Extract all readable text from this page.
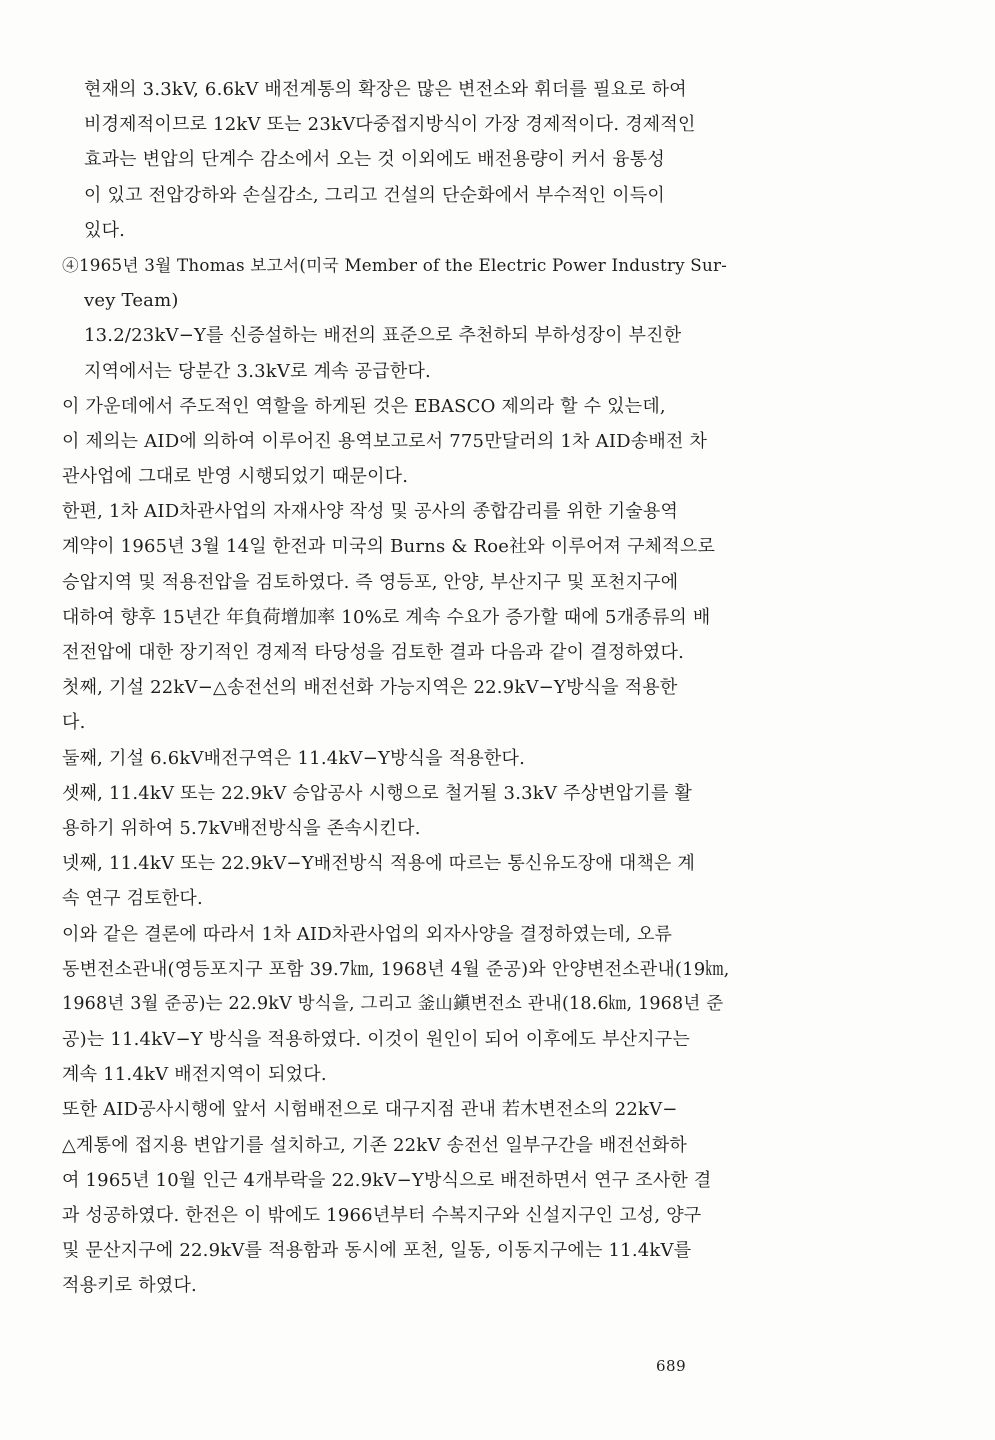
현재의 3.3kV, 6.6kV 배전계통의 확장은 많은 변전소와 휘더를 필요로 하여
비경제적이므로 12kV 또는 23kV다중접지방식이 가장 경제적이다. 경제적인
효과는 변압의 단계수 감소에서 오는 것 이외에도 배전용량이 커서 융통성
이 있고 전압강하와 손실감소, 그리고 건설의 단순화에서 부수적인 이득이
있다.
④1965년 3월 Thomas 보고서(미국 Member of the Electric Power Industry Sur-
vey Team)
13.2/23kV−Y를 신증설하는 배전의 표준으로 추천하되 부하성장이 부진한
지역에서는 당분간 3.3kV로 계속 공급한다.
이 가운데에서 주도적인 역할을 하게된 것은 EBASCO 제의라 할 수 있는데,
이 제의는 AID에 의하여 이루어진 용역보고로서 775만달러의 1차 AID송배전 차
관사업에 그대로 반영 시행되었기 때문이다.
한편, 1차 AID차관사업의 자재사양 작성 및 공사의 종합감리를 위한 기술용역
계약이 1965년 3월 14일 한전과 미국의 Burns & Roe社와 이루어져 구체적으로
승압지역 및 적용전압을 검토하였다. 즉 영등포, 안양, 부산지구 및 포천지구에
대하여 향후 15년간 年負荷增加率 10%로 계속 수요가 증가할 때에 5개종류의 배
전전압에 대한 장기적인 경제적 타당성을 검토한 결과 다음과 같이 결정하였다.
첫째, 기설 22kV−△송전선의 배전선화 가능지역은 22.9kV−Y방식을 적용한
다.
둘째, 기설 6.6kV배전구역은 11.4kV−Y방식을 적용한다.
셋째, 11.4kV 또는 22.9kV 승압공사 시행으로 철거될 3.3kV 주상변압기를 활
용하기 위하여 5.7kV배전방식을 존속시킨다.
넷째, 11.4kV 또는 22.9kV−Y배전방식 적용에 따르는 통신유도장애 대책은 계
속 연구 검토한다.
이와 같은 결론에 따라서 1차 AID차관사업의 외자사양을 결정하였는데, 오류
동변전소관내(영등포지구 포함 39.7㎞, 1968년 4월 준공)와 안양변전소관내(19㎞,
1968년 3월 준공)는 22.9kV 방식을, 그리고 釜山鎭변전소 관내(18.6㎞, 1968년 준
공)는 11.4kV−Y 방식을 적용하였다. 이것이 원인이 되어 이후에도 부산지구는
계속 11.4kV 배전지역이 되었다.
또한 AID공사시행에 앞서 시험배전으로 대구지점 관내 若木변전소의 22kV−
△계통에 접지용 변압기를 설치하고, 기존 22kV 송전선 일부구간을 배전선화하
여 1965년 10월 인근 4개부락을 22.9kV−Y방식으로 배전하면서 연구 조사한 결
과 성공하였다. 한전은 이 밖에도 1966년부터 수복지구와 신설지구인 고성, 양구
및 문산지구에 22.9kV를 적용함과 동시에 포천, 일동, 이동지구에는 11.4kV를
적용키로 하였다.
689
